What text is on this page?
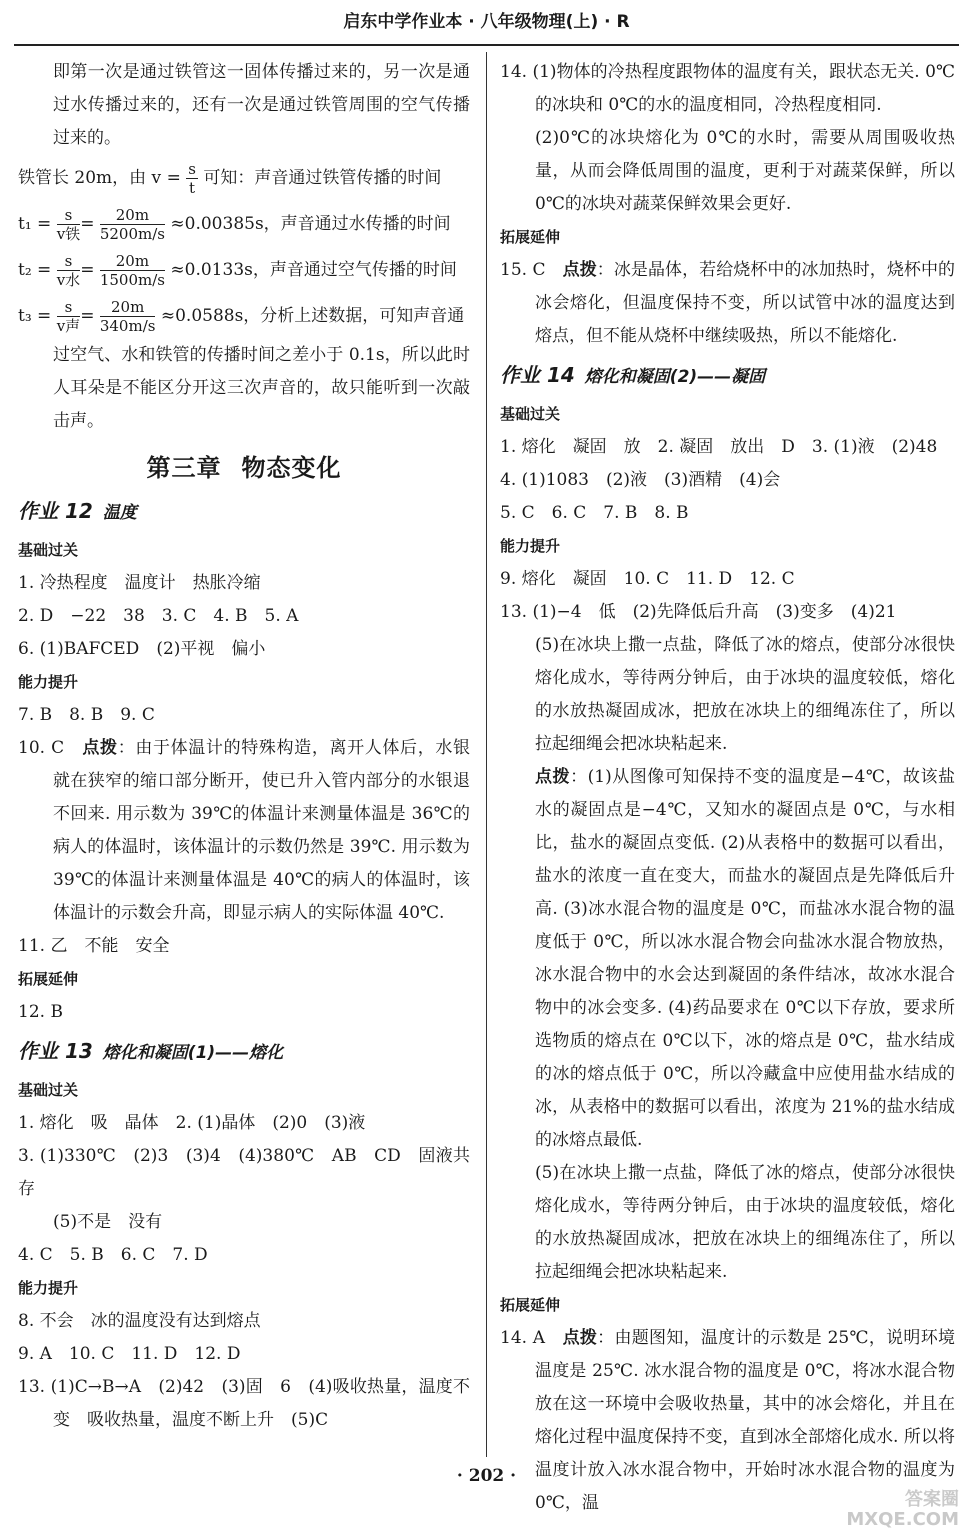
启东中学作业本 · 八年级物理(上) · R

即第一次是通过铁管这一固体传播过来的，另一次是通过水传播过来的，还有一次是通过铁管周围的空气传播过来的。

铁管长 20m，由 $v = \frac{s}{t}$ 可知：声音通过铁管传播的时间

t₁ = s
v铁 = $\frac{20m}{5200m/s} \approx 0.00385s$，声音通过水传播的时间

t₂ = s
v水 = $\frac{20m}{1500m/s} \approx 0.0133s$，声音通过空气传播的时间

t₃ = s
v声 = $\frac{20m}{340m/s} \approx 0.0588s$，分析上述数据，可知声音通

过空气、水和铁管的传播时间之差小于 0.1s，所以此时人耳朵是不能区分开这三次声音的，故只能听到一次敲击声。

第三章 物态变化
作业 12 温度

基础过关

1. 冷热程度　温度计　热胀冷缩

2. D　−22　38　3. C　4. B　5. A

6. (1)BAFCED　(2)平视　偏小

能力提升

7. B　8. B　9. C

10. C　点拨：由于体温计的特殊构造，离开人体后，水银就在狭窄的缩口部分断开，使已升入管内部分的水银退不回来. 用示数为 39℃的体温计来测量体温是 36℃的病人的体温时，该体温计的示数仍然是 39℃. 用示数为 39℃的体温计来测量体温是 40℃的病人的体温时，该体温计的示数会升高，即显示病人的实际体温 40℃.

11. 乙　不能　安全

拓展延伸

12. B

作业 13 熔化和凝固(1)——熔化

基础过关

1. 熔化　吸　晶体　2. (1)晶体　(2)0　(3)液

3. (1)330℃　(2)3　(3)4　(4)380℃　AB　CD　固液共存

(5)不是　没有

4. C　5. B　6. C　7. D

能力提升

8. 不会　冰的温度没有达到熔点

9. A　10. C　11. D　12. D

13. (1)C→B→A　(2)42　(3)固　6　(4)吸收热量，温度不变　吸收热量，温度不断上升　(5)C

14. (1)物体的冷热程度跟物体的温度有关，跟状态无关. 0℃的冰块和 0℃的水的温度相同，冷热程度相同.

(2)0℃的冰块熔化为 0℃的水时，需要从周围吸收热量，从而会降低周围的温度，更利于对蔬菜保鲜，所以 0℃的冰块对蔬菜保鲜效果会更好.

拓展延伸

15. C　点拨：冰是晶体，若给烧杯中的冰加热时，烧杯中的冰会熔化，但温度保持不变，所以试管中冰的温度达到熔点，但不能从烧杯中继续吸热，所以不能熔化.

作业 14 熔化和凝固(2)——凝固

基础过关

1. 熔化　凝固　放　2. 凝固　放出　D　3. (1)液　(2)48

4. (1)1083　(2)液　(3)酒精　(4)会

5. C　6. C　7. B　8. B

能力提升

9. 熔化　凝固　10. C　11. D　12. C

13. (1)−4　低　(2)先降低后升高　(3)变多　(4)21

(5)在冰块上撒一点盐，降低了冰的熔点，使部分冰很快熔化成水，等待两分钟后，由于冰块的温度较低，熔化的水放热凝固成冰，把放在冰块上的细绳冻住了，所以拉起细绳会把冰块粘起来.

点拨：(1)从图像可知保持不变的温度是−4℃，故该盐水的凝固点是−4℃，又知水的凝固点是 0℃，与水相比，盐水的凝固点变低. (2)从表格中的数据可以看出，盐水的浓度一直在变大，而盐水的凝固点是先降低后升高. (3)冰水混合物的温度是 0℃，而盐冰水混合物的温度低于 0℃，所以冰水混合物会向盐冰水混合物放热，冰水混合物中的水会达到凝固的条件结冰，故冰水混合物中的冰会变多. (4)药品要求在 0℃以下存放，要求所选物质的熔点在 0℃以下，冰的熔点是 0℃，盐水结成的冰的熔点低于 0℃，所以冷藏盒中应使用盐水结成的冰，从表格中的数据可以看出，浓度为 21%的盐水结成的冰熔点最低.

(5)在冰块上撒一点盐，降低了冰的熔点，使部分冰很快熔化成水，等待两分钟后，由于冰块的温度较低，熔化的水放热凝固成冰，把放在冰块上的细绳冻住了，所以拉起细绳会把冰块粘起来.

拓展延伸

14. A　点拨：由题图知，温度计的示数是 25℃，说明环境温度是 25℃. 冰水混合物的温度是 0℃，将冰水混合物放在这一环境中会吸收热量，其中的冰会熔化，并且在熔化过程中温度保持不变，直到冰全部熔化成水. 所以将温度计放入冰水混合物中，开始时冰水混合物的温度为 0℃，温

· 202 ·
答案圈
MXQE.COM
